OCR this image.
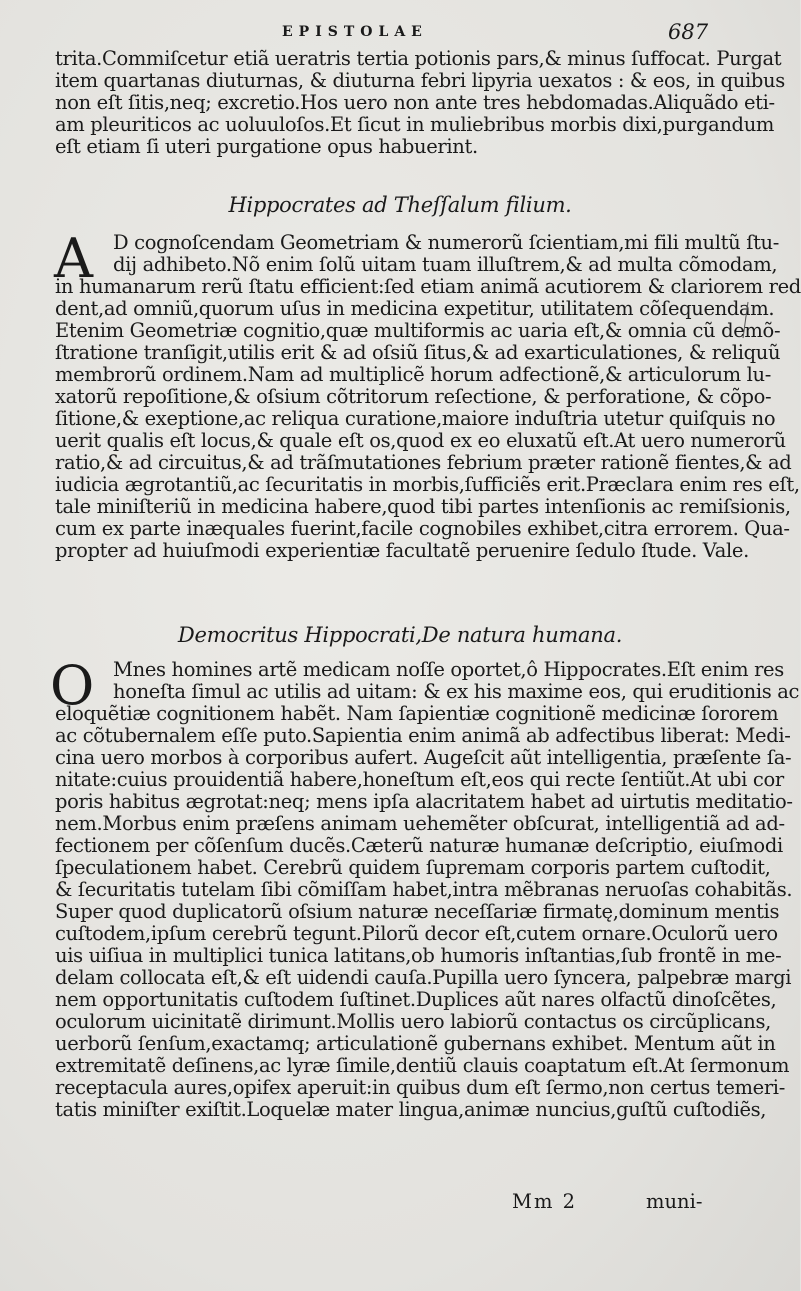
EPISTOLAE	687
trita.Commiſcetur etiã ueratris tertia potionis pars,& minus ſuffocat. Purgat
item quartanas diuturnas, & diuturna febri lipyria uexatos : & eos, in quibus
non eſt ſitis,neq; excretio.Hos uero non ante tres hebdomadas.Aliquãdo eti-
am pleuriticos ac uoluuloſos.Et ſicut in muliebribus morbis dixi,purgandum
eſt etiam ſi uteri purgatione opus habuerint.
Hippocrates ad Theſſalum filium.
A	D cognoſcendam Geometriam & numerorũ ſcientiam,mi fili multũ ſtu-
dij adhibeto.Nõ enim ſolũ uitam tuam illuſtrem,& ad multa cõmodam,
in humanarum rerũ ſtatu efficient:ſed etiam animã acutiorem & clariorem red
dent,ad omniũ,quorum uſus in medicina expetitur, utilitatem cõſequendam.
Etenim Geometriæ cognitio,quæ multiformis ac uaria eſt,& omnia cũ demõ-
ſtratione tranſigit,utilis erit & ad oſsiũ ſitus,& ad exarticulationes, & reliquũ
membrorũ ordinem.Nam ad multiplicẽ horum adfectionẽ,& articulorum lu-
xatorũ repoſitione,& oſsium cõtritorum reſectione, & perforatione, & cõpo-
ſitione,& exeptione,ac reliqua curatione,maiore induſtria utetur quiſquis no
uerit qualis eſt locus,& quale eſt os,quod ex eo eluxatũ eſt.At uero numerorũ
ratio,& ad circuitus,& ad trãſmutationes febrium præter rationẽ fientes,& ad
iudicia ægrotantiũ,ac ſecuritatis in morbis,ſufficiẽs erit.Præclara enim res eſt,
tale miniſteriũ in medicina habere,quod tibi partes intenſionis ac remiſsionis,
cum ex parte inæquales fuerint,facile cognobiles exhibet,citra errorem. Qua-
propter ad huiuſmodi experientiæ facultatẽ peruenire ſedulo ſtude. Vale.
Democritus Hippocrati,De natura humana.
O Mnes homines artẽ medicam noſſe oportet,ô Hippocrates.Eſt enim res
honeſta ſimul ac utilis ad uitam: & ex his maxime eos, qui eruditionis ac
eloquẽtiæ cognitionem habẽt. Nam ſapientiæ cognitionẽ medicinæ ſororem
ac cõtubernalem eſſe puto.Sapientia enim animã ab adfectibus liberat: Medi-
cina uero morbos à corporibus aufert. Augeſcit aũt intelligentia, præſente ſa-
nitate:cuius prouidentiã habere,honeſtum eſt,eos qui recte ſentiũt.At ubi cor
poris habitus ægrotat:neq; mens ipſa alacritatem habet ad uirtutis meditatio-
nem.Morbus enim præſens animam uehemẽter obſcurat, intelligentiã ad ad-
fectionem per cõſenſum ducẽs.Cæterũ naturæ humanæ deſcriptio, eiuſmodi
ſpeculationem habet. Cerebrũ quidem ſupremam corporis partem cuſtodit,
& ſecuritatis tutelam ſibi cõmiſſam habet,intra mẽbranas neruoſas cohabitãs.
Super quod duplicatorũ oſsium naturæ neceſſariæ firmatę,dominum mentis
cuſtodem,ipſum cerebrũ tegunt.Pilorũ decor eſt,cutem ornare.Oculorũ uero
uis uiſiua in multiplici tunica latitans,ob humoris inſtantias,ſub frontẽ in me-
delam collocata eſt,& eſt uidendi cauſa.Pupilla uero ſyncera, palpebræ margi
nem opportunitatis cuſtodem ſuſtinet.Duplices aũt nares olfactũ dinoſcẽtes,
oculorum uicinitatẽ dirimunt.Mollis uero labiorũ contactus os circũplicans,
uerborũ ſenſum,exactamq; articulationẽ gubernans exhibet. Mentum aũt in
extremitatẽ deſinens,ac lyræ ſimile,dentiũ clauis coaptatum eſt.At ſermonum
receptacula aures,opifex aperuit:in quibus dum eſt ſermo,non certus temeri-
tatis miniſter exiſtit.Loquelæ mater lingua,animæ nuncius,guſtũ cuſtodiẽs,
Mm 2	muni-
